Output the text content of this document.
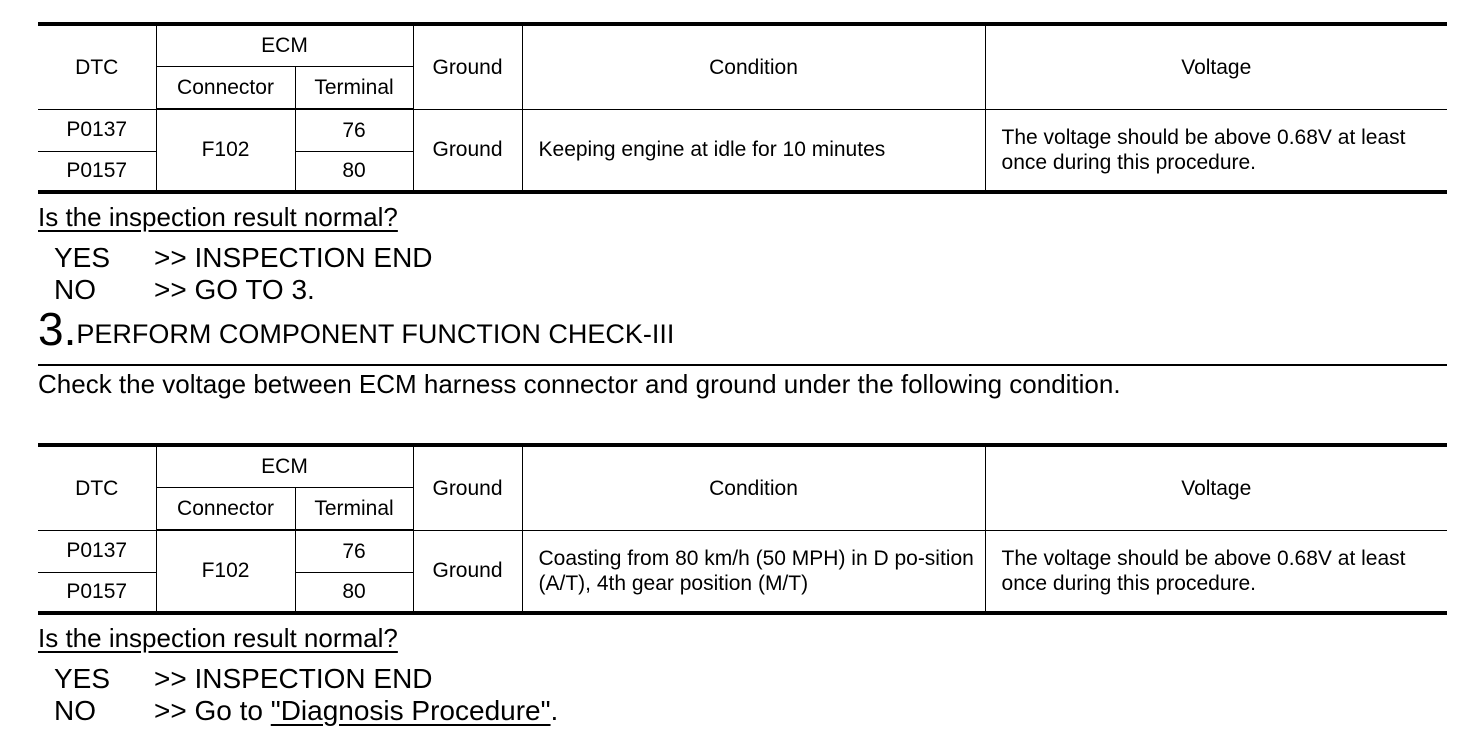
DTC	ECM		Ground	Condition	Voltage
	Connector	Terminal			
P0137	F102	76	Ground	Keeping engine at idle for 10 minutes	The voltage should be above 0.68V at least once during this procedure.
P0157		80			
Is the inspection result normal?
YES >> INSPECTION END
NO >> GO TO 3.
3.PERFORM COMPONENT FUNCTION CHECK-III
Check the voltage between ECM harness connector and ground under the following condition.
DTC	ECM		Ground	Condition	Voltage
	Connector	Terminal			
P0137	F102	76	Ground	Coasting from 80 km/h (50 MPH) in D po-sition (A/T), 4th gear position (M/T)	The voltage should be above 0.68V at least once during this procedure.
P0157		80			
Is the inspection result normal?
YES >> INSPECTION END
NO >> Go to "Diagnosis Procedure".
